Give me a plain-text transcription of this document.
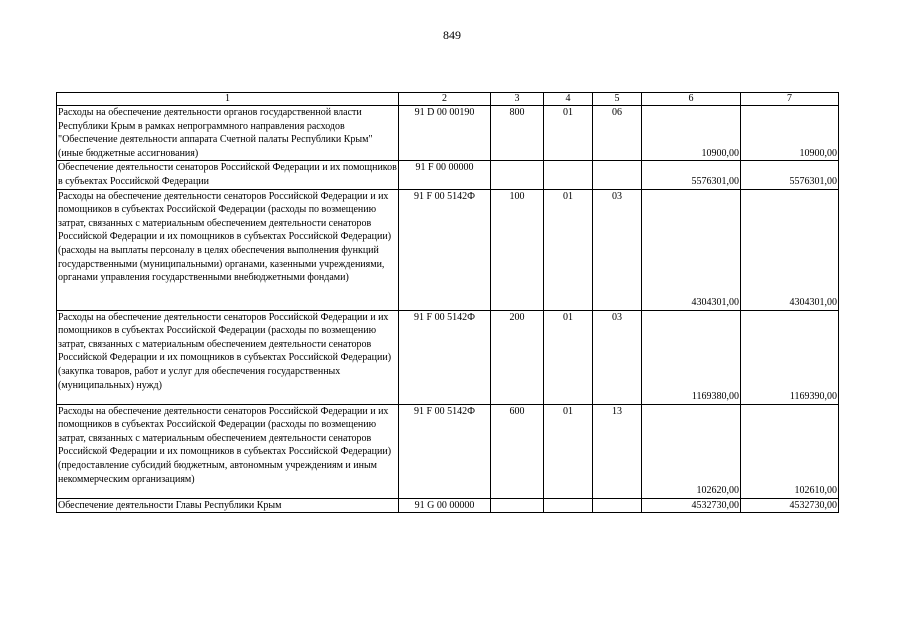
849
1	2	3	4	5	6	7

Расходы на обеспечение деятельности органов государственной власти Республики Крым в рамках непрограммного направления расходов "Обеспечение деятельности аппарата Счетной палаты Республики Крым" (иные бюджетные ассигнования)	91 D 00 00190	800	01	06	10900,00	10900,00

Обеспечение деятельности сенаторов Российской Федерации и их помощников в субъектах Российской Федерации	91 F 00 00000				5576301,00	5576301,00

Расходы на обеспечение деятельности сенаторов Российской Федерации и их помощников в субъектах Российской Федерации (расходы по возмещению затрат, связанных с материальным обеспечением деятельности сенаторов Российской Федерации и их помощников в субъектах Российской Федерации) (расходы на выплаты персоналу в целях обеспечения выполнения функций государственными (муниципальными) органами, казенными учреждениями, органами управления государственными внебюджетными фондами)	91 F 00 5142Ф	100	01	03	4304301,00	4304301,00

Расходы на обеспечение деятельности сенаторов Российской Федерации и их помощников в субъектах Российской Федерации (расходы по возмещению затрат, связанных с материальным обеспечением деятельности сенаторов Российской Федерации и их помощников в субъектах Российской Федерации) (закупка товаров, работ и услуг для обеспечения государственных (муниципальных) нужд)	91 F 00 5142Ф	200	01	03	1169380,00	1169390,00

Расходы на обеспечение деятельности сенаторов Российской Федерации и их помощников в субъектах Российской Федерации (расходы по возмещению затрат, связанных с материальным обеспечением деятельности сенаторов Российской Федерации и их помощников в субъектах Российской Федерации) (предоставление субсидий бюджетным, автономным учреждениям и иным некоммерческим организациям)	91 F 00 5142Ф	600	01	13	102620,00	102610,00

Обеспечение деятельности Главы Республики Крым	91 G 00 00000				4532730,00	4532730,00
